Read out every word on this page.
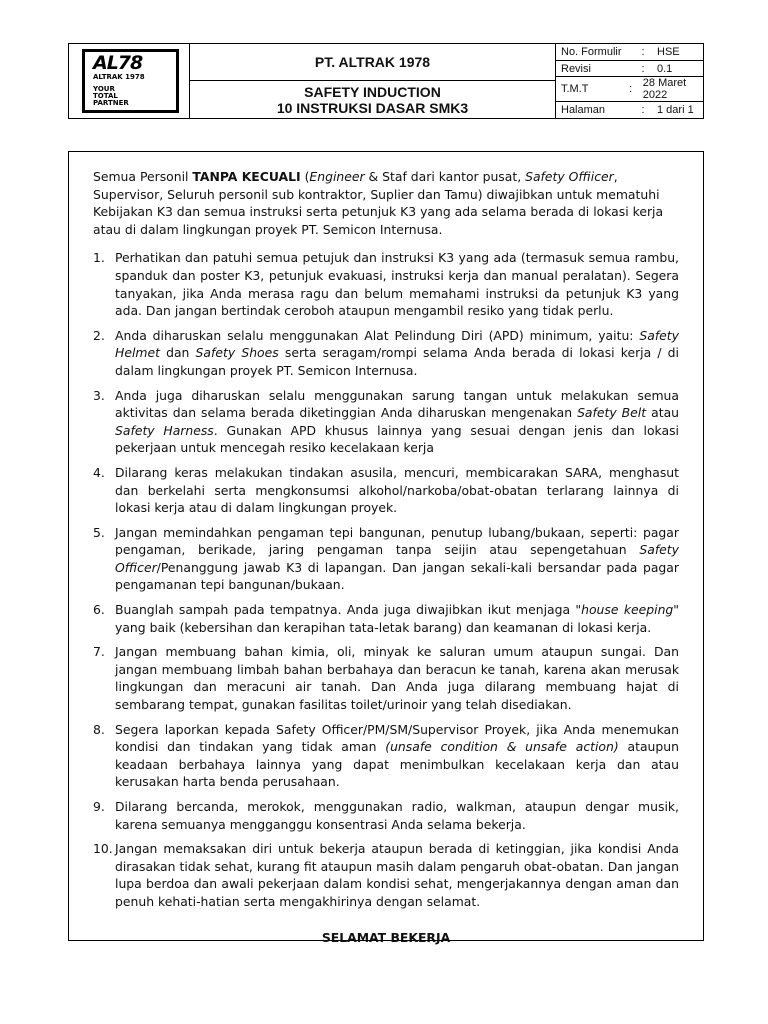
AL78
ALTRAK 1978
YOUR
TOTAL
PARTNER
PT. ALTRAK 1978
SAFETY INDUCTION
10 INSTRUKSI DASAR SMK3
No. Formulir	:	HSE
Revisi	:	0.1
T.M.T	: 28 Maret 2022
Halaman	:	1 dari 1

Semua Personil TANPA KECUALI (Engineer & Staf dari kantor pusat, Safety Offiicer, Supervisor, Seluruh personil sub kontraktor, Suplier dan Tamu) diwajibkan untuk mematuhi Kebijakan K3 dan semua instruksi serta petunjuk K3 yang ada selama berada di lokasi kerja atau di dalam lingkungan proyek PT. Semicon Internusa.

1. Perhatikan dan patuhi semua petujuk dan instruksi K3 yang ada (termasuk semua rambu, spanduk dan poster K3, petunjuk evakuasi, instruksi kerja dan manual peralatan). Segera tanyakan, jika Anda merasa ragu dan belum memahami instruksi da petunjuk K3 yang ada. Dan jangan bertindak ceroboh ataupun mengambil resiko yang tidak perlu.
2. Anda diharuskan selalu menggunakan Alat Pelindung Diri (APD) minimum, yaitu: Safety Helmet dan Safety Shoes serta seragam/rompi selama Anda berada di lokasi kerja / di dalam lingkungan proyek PT. Semicon Internusa.
3. Anda juga diharuskan selalu menggunakan sarung tangan untuk melakukan semua aktivitas dan selama berada diketinggian Anda diharuskan mengenakan Safety Belt atau Safety Harness. Gunakan APD khusus lainnya yang sesuai dengan jenis dan lokasi pekerjaan untuk mencegah resiko kecelakaan kerja
4. Dilarang keras melakukan tindakan asusila, mencuri, membicarakan SARA, menghasut dan berkelahi serta mengkonsumsi alkohol/narkoba/obat-obatan terlarang lainnya di lokasi kerja atau di dalam lingkungan proyek.
5. Jangan memindahkan pengaman tepi bangunan, penutup lubang/bukaan, seperti: pagar pengaman, berikade, jaring pengaman tanpa seijin atau sepengetahuan Safety Officer/Penanggung jawab K3 di lapangan. Dan jangan sekali-kali bersandar pada pagar pengamanan tepi bangunan/bukaan.
6. Buanglah sampah pada tempatnya. Anda juga diwajibkan ikut menjaga "house keeping" yang baik (kebersihan dan kerapihan tata-letak barang) dan keamanan di lokasi kerja.
7. Jangan membuang bahan kimia, oli, minyak ke saluran umum ataupun sungai. Dan jangan membuang limbah bahan berbahaya dan beracun ke tanah, karena akan merusak lingkungan dan meracuni air tanah. Dan Anda juga dilarang membuang hajat di sembarang tempat, gunakan fasilitas toilet/urinoir yang telah disediakan.
8. Segera laporkan kepada Safety Officer/PM/SM/Supervisor Proyek, jika Anda menemukan kondisi dan tindakan yang tidak aman (unsafe condition & unsafe action) ataupun keadaan berbahaya lainnya yang dapat menimbulkan kecelakaan kerja dan atau kerusakan harta benda perusahaan.
9. Dilarang bercanda, merokok, menggunakan radio, walkman, ataupun dengar musik, karena semuanya mengganggu konsentrasi Anda selama bekerja.
10. Jangan memaksakan diri untuk bekerja ataupun berada di ketinggian, jika kondisi Anda dirasakan tidak sehat, kurang fit ataupun masih dalam pengaruh obat-obatan. Dan jangan lupa berdoa dan awali pekerjaan dalam kondisi sehat, mengerjakannya dengan aman dan penuh kehati-hatian serta mengakhirinya dengan selamat.
SELAMAT BEKERJA
